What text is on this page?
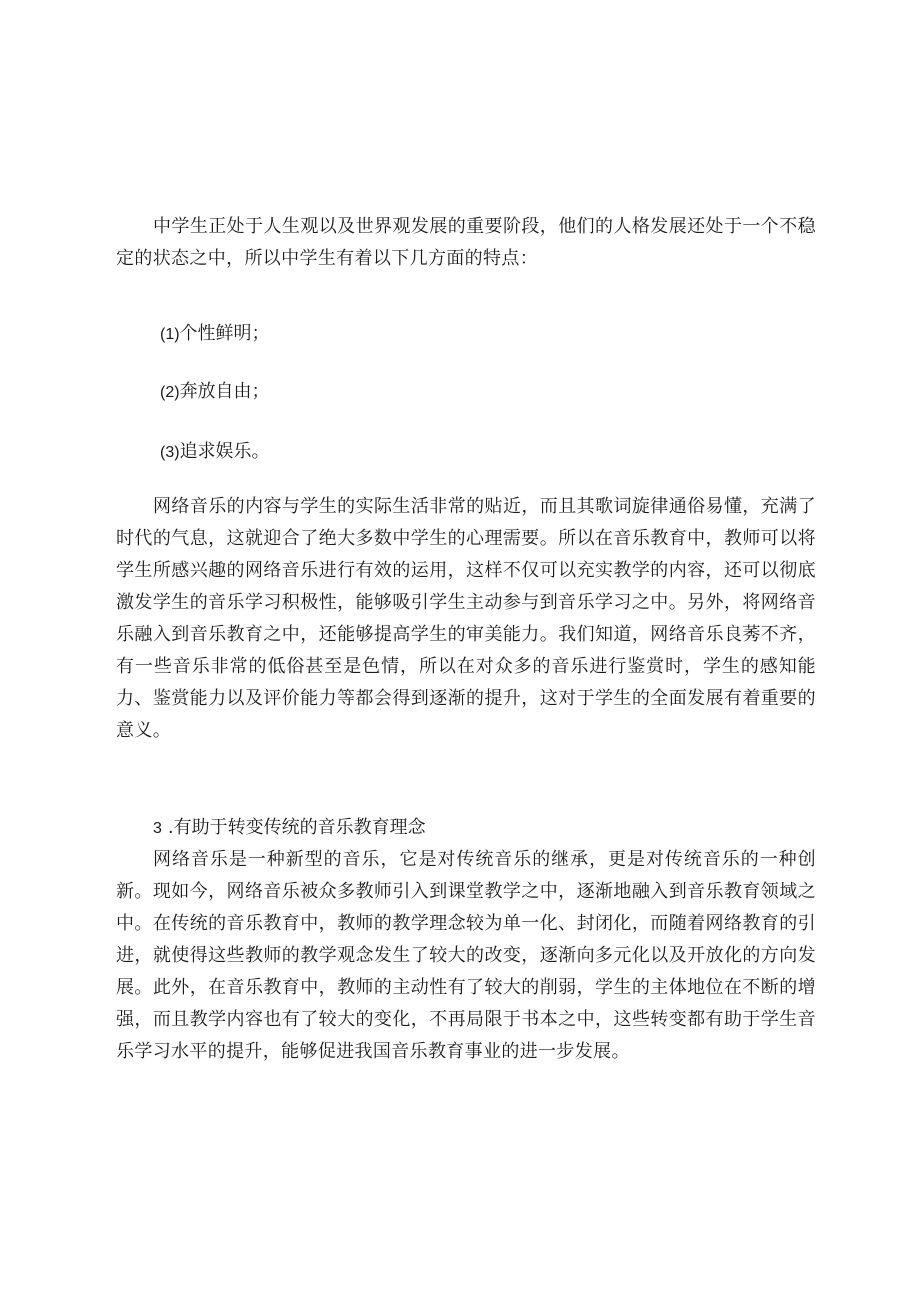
中学生正处于人生观以及世界观发展的重要阶段，他们的人格发展还处于一个不稳定的状态之中，所以中学生有着以下几方面的特点：

(1)个性鲜明；

(2)奔放自由；

(3)追求娱乐。

网络音乐的内容与学生的实际生活非常的贴近，而且其歌词旋律通俗易懂，充满了时代的气息，这就迎合了绝大多数中学生的心理需要。所以在音乐教育中，教师可以将学生所感兴趣的网络音乐进行有效的运用，这样不仅可以充实教学的内容，还可以彻底激发学生的音乐学习积极性，能够吸引学生主动参与到音乐学习之中。另外，将网络音乐融入到音乐教育之中，还能够提高学生的审美能力。我们知道，网络音乐良莠不齐，有一些音乐非常的低俗甚至是色情，所以在对众多的音乐进行鉴赏时，学生的感知能力、鉴赏能力以及评价能力等都会得到逐渐的提升，这对于学生的全面发展有着重要的意义。

3 .有助于转变传统的音乐教育理念

网络音乐是一种新型的音乐，它是对传统音乐的继承，更是对传统音乐的一种创新。现如今，网络音乐被众多教师引入到课堂教学之中，逐渐地融入到音乐教育领域之中。在传统的音乐教育中，教师的教学理念较为单一化、封闭化，而随着网络教育的引进，就使得这些教师的教学观念发生了较大的改变，逐渐向多元化以及开放化的方向发展。此外，在音乐教育中，教师的主动性有了较大的削弱，学生的主体地位在不断的增强，而且教学内容也有了较大的变化，不再局限于书本之中，这些转变都有助于学生音乐学习水平的提升，能够促进我国音乐教育事业的进一步发展。
